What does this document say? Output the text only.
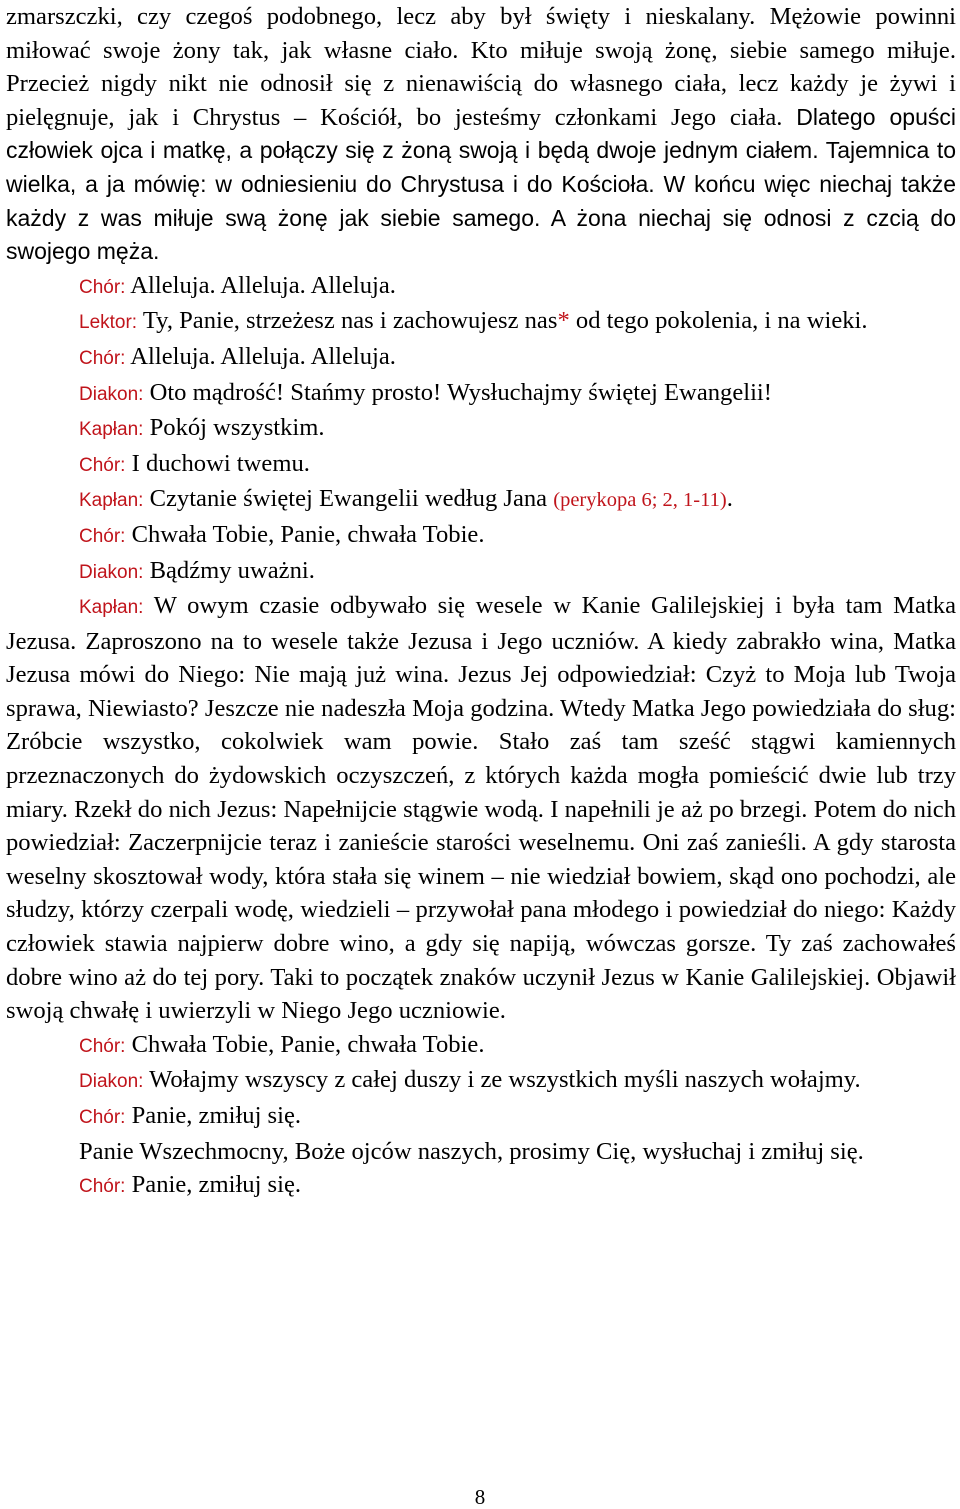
zmarszczki, czy czegoś podobnego, lecz aby był święty i nieskalany. Mężowie powinni miłować swoje żony tak, jak własne ciało. Kto miłuje swoją żonę, siebie samego miłuje. Przecież nigdy nikt nie odnosił się z nienawiścią do własnego ciała, lecz każdy je żywi i pielęgnuje, jak i Chrystus – Kościół, bo jesteśmy członkami Jego ciała. Dlatego opuści człowiek ojca i matkę, a połączy się z żoną swoją i będą dwoje jednym ciałem. Tajemnica to wielka, a ja mówię: w odniesieniu do Chrystusa i do Kościoła. W końcu więc niechaj także każdy z was miłuje swą żonę jak siebie samego. A żona niechaj się odnosi z czcią do swojego męża.

Chór: Alleluja. Alleluja. Alleluja.

Lektor: Ty, Panie, strzeżesz nas i zachowujesz nas* od tego pokolenia, i na wieki.

Chór: Alleluja. Alleluja. Alleluja.

Diakon: Oto mądrość! Stańmy prosto! Wysłuchajmy świętej Ewangelii!

Kapłan: Pokój wszystkim.

Chór: I duchowi twemu.

Kapłan: Czytanie świętej Ewangelii według Jana (perykopa 6; 2, 1-11).

Chór: Chwała Tobie, Panie, chwała Tobie.

Diakon: Bądźmy uważni.

Kapłan: W owym czasie odbywało się wesele w Kanie Galilejskiej i była tam Matka Jezusa. Zaproszono na to wesele także Jezusa i Jego uczniów. A kiedy zabrakło wina, Matka Jezusa mówi do Niego: Nie mają już wina. Jezus Jej odpowiedział: Czyż to Moja lub Twoja sprawa, Niewiasto? Jeszcze nie nadeszła Moja godzina. Wtedy Matka Jego powiedziała do sług: Zróbcie wszystko, cokolwiek wam powie. Stało zaś tam sześć stągwi kamiennych przeznaczonych do żydowskich oczyszczeń, z których każda mogła pomieścić dwie lub trzy miary. Rzekł do nich Jezus: Napełnijcie stągwie wodą. I napełnili je aż po brzegi. Potem do nich powiedział: Zaczerpnijcie teraz i zanieście starości weselnemu. Oni zaś zanieśli. A gdy starosta weselny skosztował wody, która stała się winem – nie wiedział bowiem, skąd ono pochodzi, ale słudzy, którzy czerpali wodę, wiedzieli – przywołał pana młodego i powiedział do niego: Każdy człowiek stawia najpierw dobre wino, a gdy się napiją, wówczas gorsze. Ty zaś zachowałeś dobre wino aż do tej pory. Taki to początek znaków uczynił Jezus w Kanie Galilejskiej. Objawił swoją chwałę i uwierzyli w Niego Jego uczniowie.

Chór: Chwała Tobie, Panie, chwała Tobie.

Diakon: Wołajmy wszyscy z całej duszy i ze wszystkich myśli naszych wołajmy.

Chór: Panie, zmiłuj się.

Panie Wszechmocny, Boże ojców naszych, prosimy Cię, wysłuchaj i zmiłuj się.

Chór: Panie, zmiłuj się.

8
